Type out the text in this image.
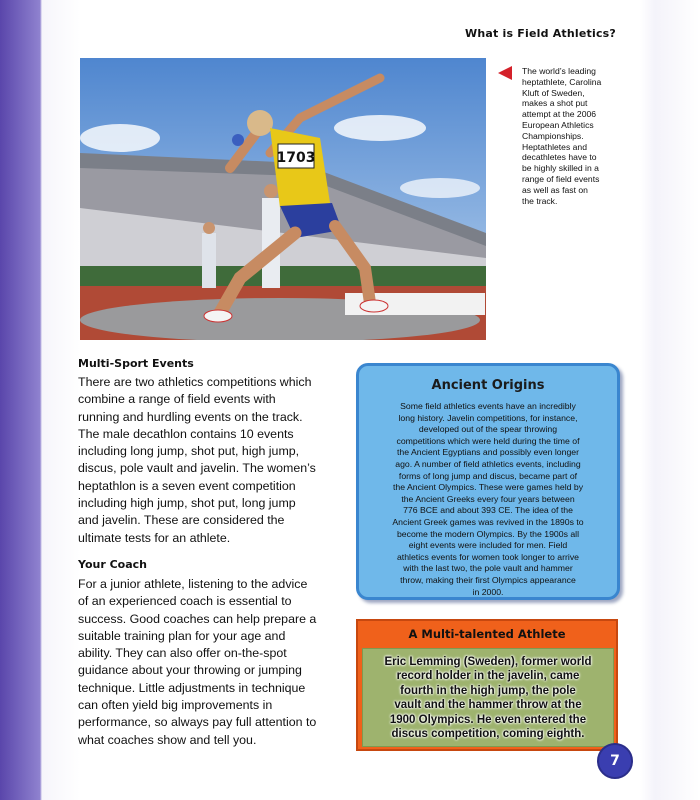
What is Field Athletics?
1703
The world’s leading
heptathlete, Carolina
Kluft of Sweden,
makes a shot put
attempt at the 2006
European Athletics
Championships.
Heptathletes and
decathletes have to
be highly skilled in a
range of field events
as well as fast on
the track.
Multi-Sport Events
There are two athletics competitions which
combine a range of field events with
running and hurdling events on the track.
The male decathlon contains 10 events
including long jump, shot put, high jump,
discus, pole vault and javelin. The women’s
heptathlon is a seven event competition
including high jump, shot put, long jump
and javelin. These are considered the
ultimate tests for an athlete.
Your Coach
For a junior athlete, listening to the advice
of an experienced coach is essential to
success. Good coaches can help prepare a
suitable training plan for your age and
ability. They can also offer on-the-spot
guidance about your throwing or jumping
technique. Little adjustments in technique
can often yield big improvements in
performance, so always pay full attention to
what coaches show and tell you.
Ancient Origins
Some field athletics events have an incredibly
long history. Javelin competitions, for instance,
developed out of the spear throwing
competitions which were held during the time of
the Ancient Egyptians and possibly even longer
ago. A number of field athletics events, including
forms of long jump and discus, became part of
the Ancient Olympics. These were games held by
the Ancient Greeks every four years between
776 BCE and about 393 CE. The idea of the
Ancient Greek games was revived in the 1890s to
become the modern Olympics. By the 1900s all
eight events were included for men. Field
athletics events for women took longer to arrive
with the last two, the pole vault and hammer
throw, making their first Olympics appearance
in 2000.
A Multi-talented Athlete
Eric Lemming (Sweden), former world
record holder in the javelin, came
fourth in the high jump, the pole
vault and the hammer throw at the
1900 Olympics. He even entered the
discus competition, coming eighth.
7
